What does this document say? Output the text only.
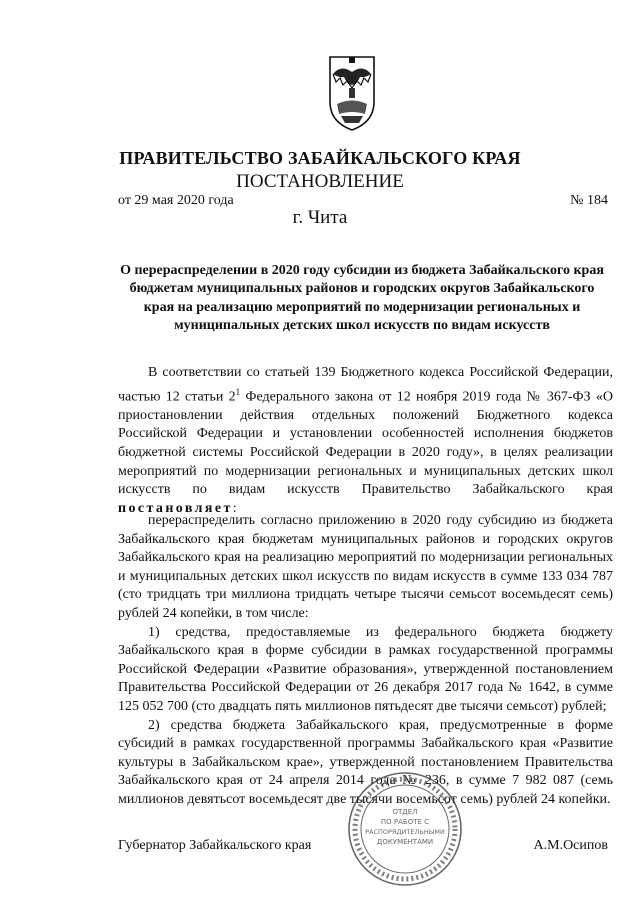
ПРАВИТЕЛЬСТВО ЗАБАЙКАЛЬСКОГО КРАЯ
ПОСТАНОВЛЕНИЕ
от 29 мая 2020 года	№ 184
г. Чита
О перераспределении в 2020 году субсидии из бюджета Забайкальского края бюджетам муниципальных районов и городских округов Забайкальского края на реализацию мероприятий по модернизации региональных и муниципальных детских школ искусств по видам искусств

В соответствии со статьей 139 Бюджетного кодекса Российской Федерации, частью 12 статьи $2^1$ Федерального закона от 12 ноября 2019 года № 367-ФЗ «О приостановлении действия отдельных положений Бюджетного кодекса Российской Федерации и установлении особенностей исполнения бюджетов бюджетной системы Российской Федерации в 2020 году», в целях реализации мероприятий по модернизации региональных и муниципальных детских школ искусств по видам искусств Правительство Забайкальского края постановляет:

перераспределить согласно приложению в 2020 году субсидию из бюджета Забайкальского края бюджетам муниципальных районов и городских округов Забайкальского края на реализацию мероприятий по модернизации региональных и муниципальных детских школ искусств по видам искусств в сумме 133 034 787 (сто тридцать три миллиона тридцать четыре тысячи семьсот восемьдесят семь) рублей 24 копейки, в том числе:

1) средства, предоставляемые из федерального бюджета бюджету Забайкальского края в форме субсидии в рамках государственной программы Российской Федерации «Развитие образования», утвержденной постановлением Правительства Российской Федерации от 26 декабря 2017 года № 1642, в сумме 125 052 700 (сто двадцать пять миллионов пятьдесят две тысячи семьсот) рублей;

2) средства бюджета Забайкальского края, предусмотренные в форме субсидий в рамках государственной программы Забайкальского края «Развитие культуры в Забайкальском крае», утвержденной постановлением Правительства Забайкальского края от 24 апреля 2014 года № 236, в сумме 7 982 087 (семь миллионов девятьсот восемьдесят две тысячи восемьсот семь) рублей 24 копейки.

Губернатор Забайкальского края	А.М.Осипов
ОТДЕЛ
ПО РАБОТЕ С
РАСПОРЯДИТЕЛЬНЫМИ
ДОКУМЕНТАМИ
